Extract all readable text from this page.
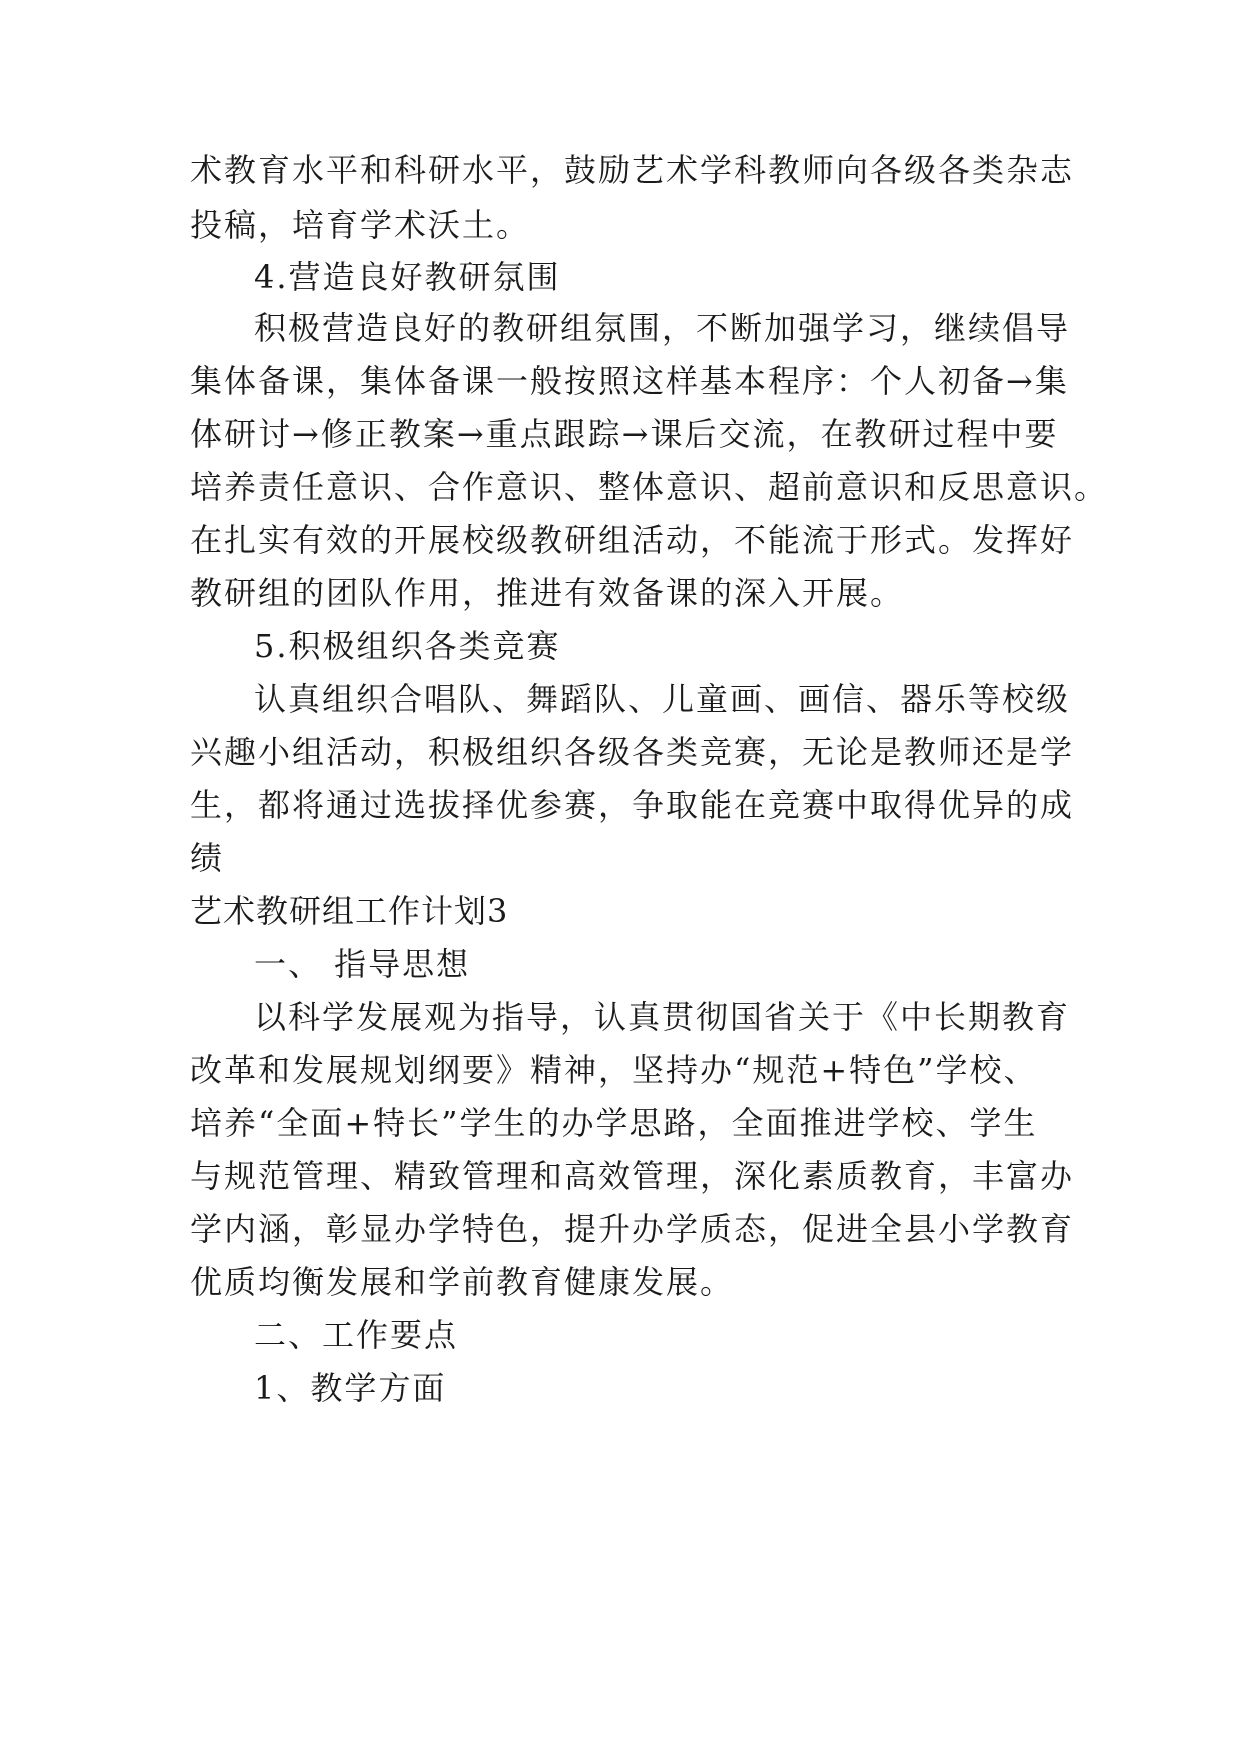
术教育水平和科研水平，鼓励艺术学科教师向各级各类杂志
投稿，培育学术沃土。
4.营造良好教研氛围
积极营造良好的教研组氛围，不断加强学习，继续倡导
集体备课，集体备课一般按照这样基本程序：个人初备→集
体研讨→修正教案→重点跟踪→课后交流，在教研过程中要
培养责任意识、合作意识、整体意识、超前意识和反思意识。
在扎实有效的开展校级教研组活动，不能流于形式。发挥好
教研组的团队作用，推进有效备课的深入开展。
5.积极组织各类竞赛
认真组织合唱队、舞蹈队、儿童画、画信、器乐等校级
兴趣小组活动，积极组织各级各类竞赛，无论是教师还是学
生，都将通过选拔择优参赛，争取能在竞赛中取得优异的成
绩
艺术教研组工作计划3
一、 指导思想
以科学发展观为指导，认真贯彻国省关于《中长期教育
改革和发展规划纲要》精神，坚持办“规范+特色”学校、
培养“全面+特长”学生的办学思路，全面推进学校、学生
与规范管理、精致管理和高效管理，深化素质教育，丰富办
学内涵，彰显办学特色，提升办学质态，促进全县小学教育
优质均衡发展和学前教育健康发展。
二、工作要点
1、教学方面
